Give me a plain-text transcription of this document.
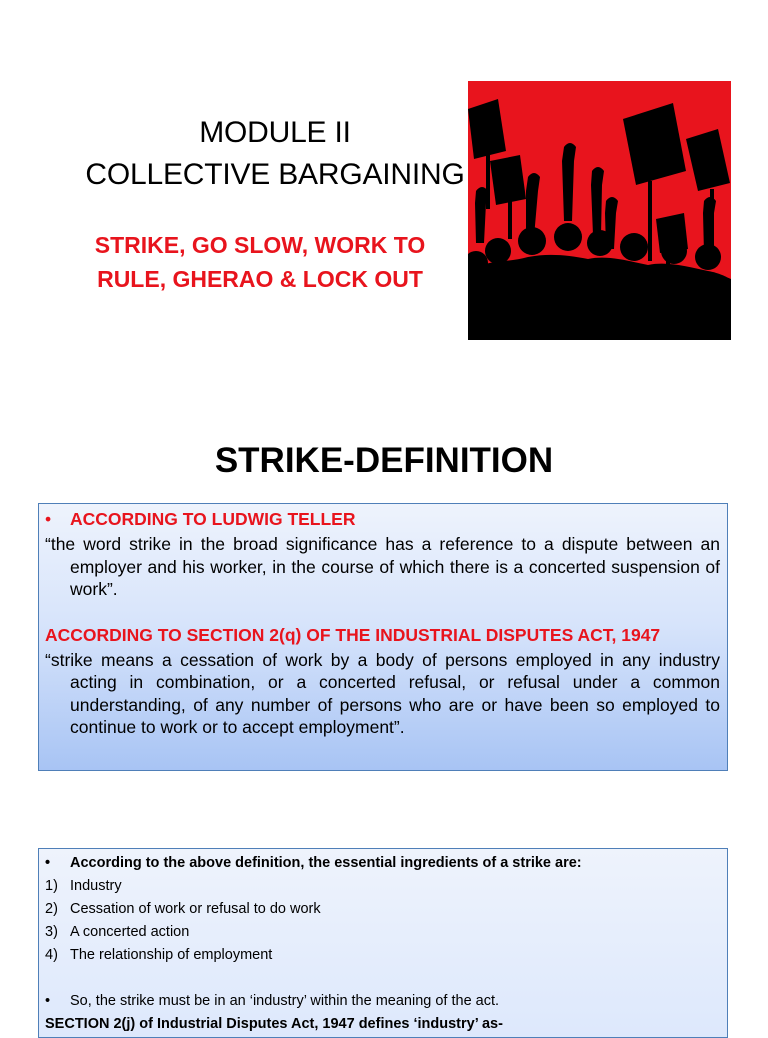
MODULE II
COLLECTIVE BARGAINING
STRIKE, GO SLOW, WORK TO
RULE, GHERAO & LOCK OUT
STRIKE-DEFINITION
• ACCORDING TO LUDWIG TELLER

“the word strike in the broad significance has a reference to a dispute between an employer and his worker, in the course of which there is a concerted suspension of work”.

ACCORDING TO SECTION 2(q) OF THE INDUSTRIAL DISPUTES ACT, 1947

“strike means a cessation of work by a body of persons employed in any industry acting in combination, or a concerted refusal, or refusal under a common understanding, of any number of persons who are or have been so employed to continue to work or to accept employment”.

• According to the above definition, the essential ingredients of a strike are:
1) Industry
2) Cessation of work or refusal to do work
3) A concerted action
4) The relationship of employment
• So, the strike must be in an ‘industry’ within the meaning of the act.
SECTION 2(j) of Industrial Disputes Act, 1947 defines ‘industry’ as-
